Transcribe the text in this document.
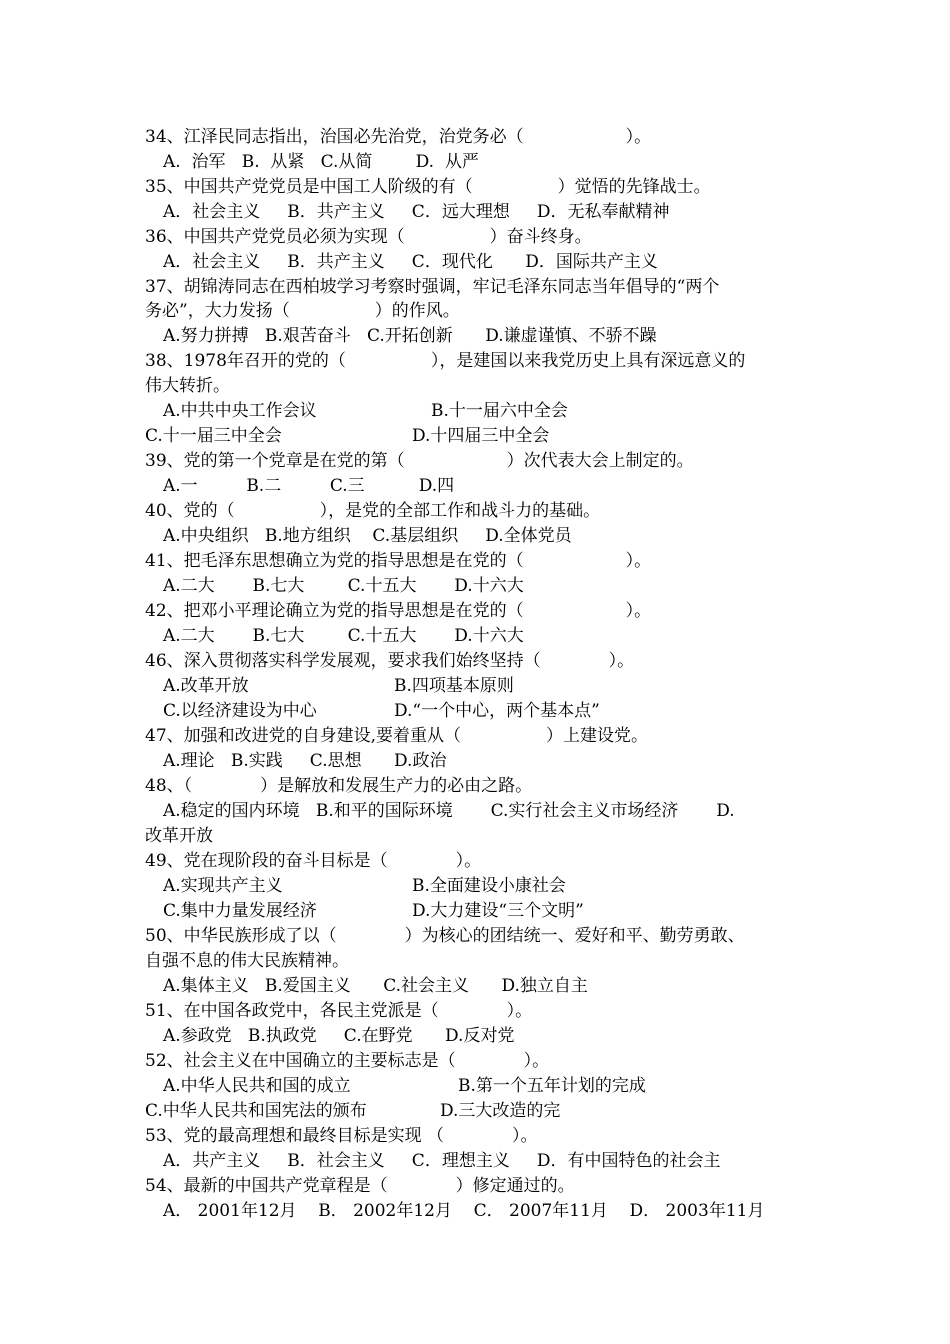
34、江泽民同志指出，治国必先治党，治党务必（　　　　　　）。
A.  治军   B.  从紧   C.从简        D.  从严
35、中国共产党党员是中国工人阶级的有（　　　　　）觉悟的先锋战士。
A．社会主义     B．共产主义     C．远大理想     D．无私奉献精神
36、中国共产党党员必须为实现（　　　　　）奋斗终身。
A．社会主义     B．共产主义     C．现代化      D．国际共产主义
37、胡锦涛同志在西柏坡学习考察时强调，牢记毛泽东同志当年倡导的“两个
务必”，大力发扬（　　　　　）的作风。
A.努力拼搏   B.艰苦奋斗   C.开拓创新      D.谦虚谨慎、不骄不躁
38、1978年召开的党的（　　　　　），是建国以来我党历史上具有深远意义的
伟大转折。
A.中共中央工作会议	B.十一届六中全会
C.十一届三中全会	D.十四届三中全会
39、党的第一个党章是在党的第（　　　　　　）次代表大会上制定的。
A.一         B.二         C.三          D.四
40、党的（　　　　　），是党的全部工作和战斗力的基础。
A.中央组织   B.地方组织    C.基层组织     D.全体党员
41、把毛泽东思想确立为党的指导思想是在党的（　　　　　　）。
A.二大       B.七大        C.十五大       D.十六大
42、把邓小平理论确立为党的指导思想是在党的（　　　　　　）。
A.二大       B.七大        C.十五大       D.十六大
46、深入贯彻落实科学发展观，要求我们始终坚持（　　　　）。
A.改革开放	B.四项基本原则
C.以经济建设为中心	D.“一个中心，两个基本点”
47、加强和改进党的自身建设,要着重从（　　　　　）上建设党。
A.理论   B.实践     C.思想      D.政治
48、（　　　　）是解放和发展生产力的必由之路。
A.稳定的国内环境   B.和平的国际环境       C.实行社会主义市场经济       D.
改革开放
49、党在现阶段的奋斗目标是（　　　　）。
A.实现共产主义	B.全面建设小康社会
C.集中力量发展经济	D.大力建设“三个文明”
50、中华民族形成了以（　　　　）为核心的团结统一、爱好和平、勤劳勇敢、
自强不息的伟大民族精神。
A.集体主义   B.爱国主义      C.社会主义      D.独立自主
51、在中国各政党中，各民主党派是（　　　　）。
A.参政党   B.执政党     C.在野党      D.反对党
52、社会主义在中国确立的主要标志是（　　　　）。
A.中华人民共和国的成立	B.第一个五年计划的完成
C.中华人民共和国宪法的颁布	D.三大改造的完
53、党的最高理想和最终目标是实现 （　　　　）。
A．共产主义     B．社会主义     C．理想主义     D．有中国特色的社会主
54、最新的中国共产党章程是（　　　　）修定通过的。
A． 2001年12月    B． 2002年12月    C． 2007年11月    D． 2003年11月
